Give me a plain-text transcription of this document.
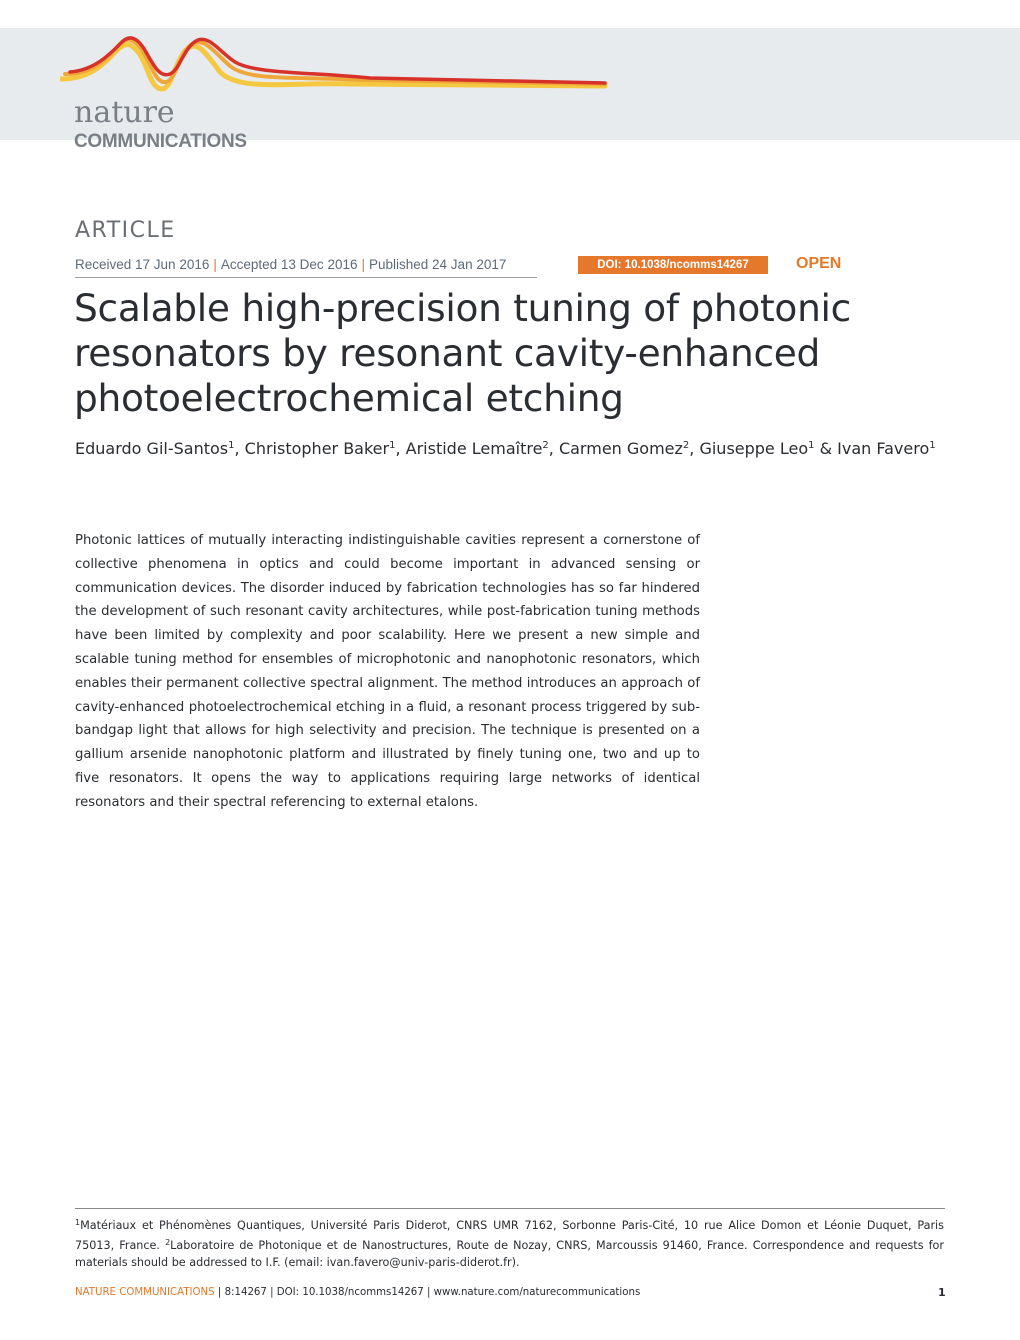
nature
COMMUNICATIONS
ARTICLE
Received 17 Jun 2016 | Accepted 13 Dec 2016 | Published 24 Jan 2017	DOI: 10.1038/ncomms14267	OPEN
Scalable high-precision tuning of photonic resonators by resonant cavity-enhanced photoelectrochemical etching
Eduardo Gil-Santos$^1$, Christopher Baker$^1$, Aristide Lemaître$^2$, Carmen Gomez$^2$, Giuseppe Leo$^1$ & Ivan Favero$^1$
Photonic lattices of mutually interacting indistinguishable cavities represent a cornerstone of collective phenomena in optics and could become important in advanced sensing or communication devices. The disorder induced by fabrication technologies has so far hindered the development of such resonant cavity architectures, while post-fabrication tuning methods have been limited by complexity and poor scalability. Here we present a new simple and scalable tuning method for ensembles of microphotonic and nanophotonic resonators, which enables their permanent collective spectral alignment. The method introduces an approach of cavity-enhanced photoelectrochemical etching in a fluid, a resonant process triggered by sub-bandgap light that allows for high selectivity and precision. The technique is presented on a gallium arsenide nanophotonic platform and illustrated by finely tuning one, two and up to five resonators. It opens the way to applications requiring large networks of identical resonators and their spectral referencing to external etalons.
$^1$Matériaux et Phénomènes Quantiques, Université Paris Diderot, CNRS UMR 7162, Sorbonne Paris-Cité, 10 rue Alice Domon et Léonie Duquet, Paris 75013, France. $^2$Laboratoire de Photonique et de Nanostructures, Route de Nozay, CNRS, Marcoussis 91460, France. Correspondence and requests for materials should be addressed to I.F. (email: ivan.favero@univ-paris-diderot.fr).
NATURE COMMUNICATIONS | 8:14267 | DOI: 10.1038/ncomms14267 | www.nature.com/naturecommunications	1
